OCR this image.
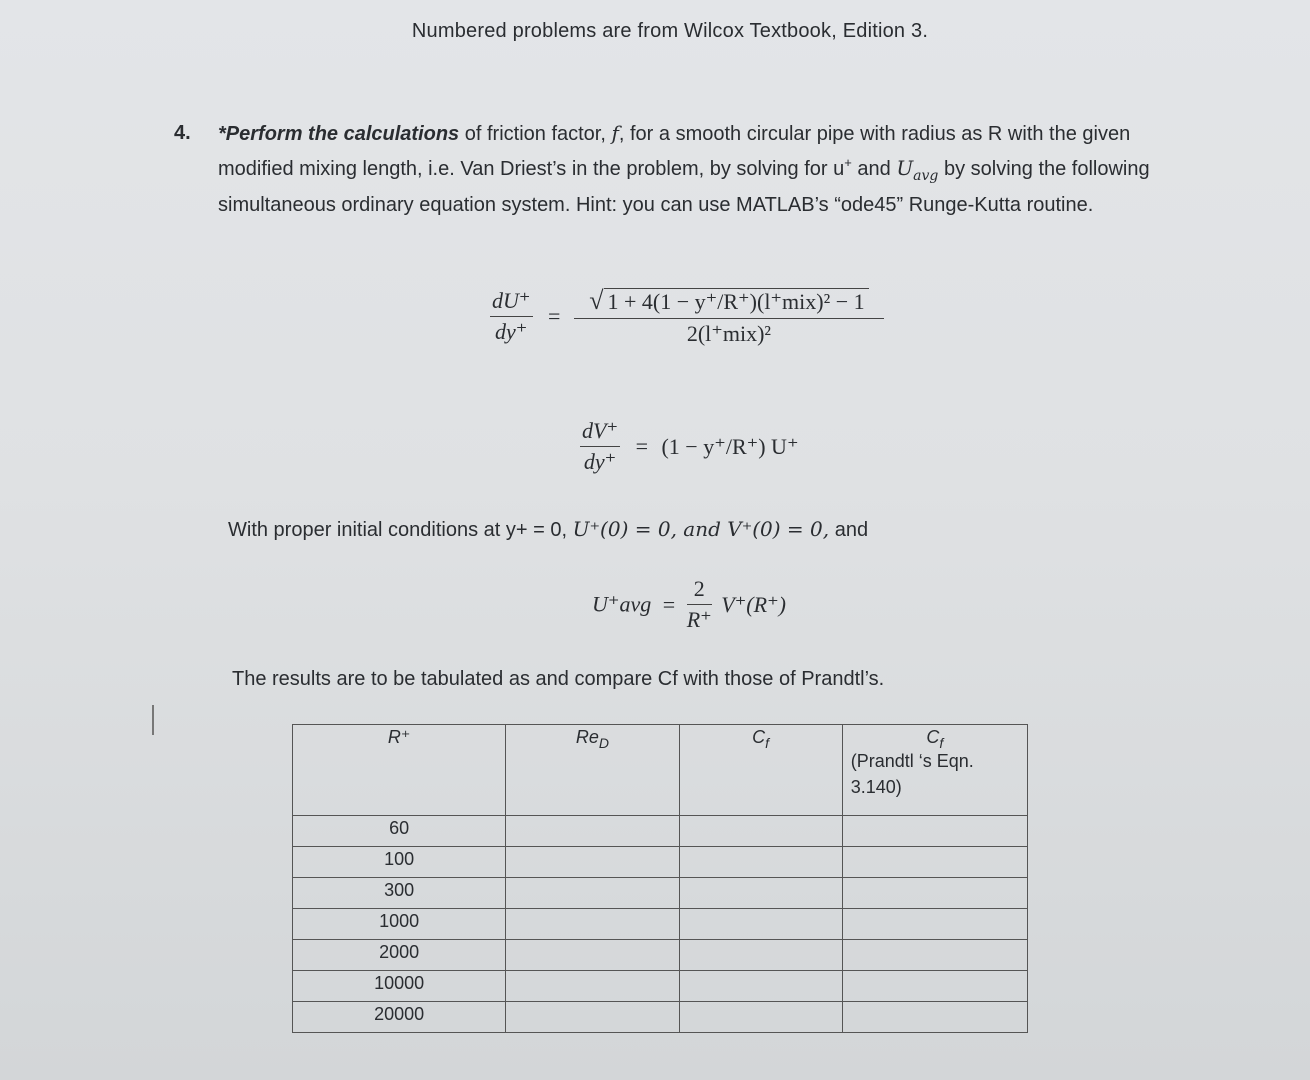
Numbered problems are from Wilcox Textbook, Edition 3.
4. *Perform the calculations of friction factor, f, for a smooth circular pipe with radius as R with the given modified mixing length, i.e. Van Driest’s in the problem, by solving for u+ and $U_{avg}$ by solving the following simultaneous ordinary equation system. Hint: you can use MATLAB’s “ode45” Runge-Kutta routine.
$\frac{dU^+}{dy^+} = \frac{\text{√ 1 + 4(1 − y⁺/R⁺)(l⁺mix)² − 1}}{\text{2(l⁺mix)²}}$
$\frac{dV^+}{dy^+} = (1 - y^+/R^+)$ U⁺
With proper initial conditions at y+ = 0, U⁺(0) = 0, and V⁺(0) = 0, and
$U^+avg = \frac{2}{R^+} V^+(R^+)$
The results are to be tabulated as and compare Cf with those of Prandtl’s.
R⁺	$Re_D$	$C_f$	$C_f$
(Prandtl ‘s Eqn. 3.140)

60			
100			
300			
1000			
2000			
10000			
20000			
